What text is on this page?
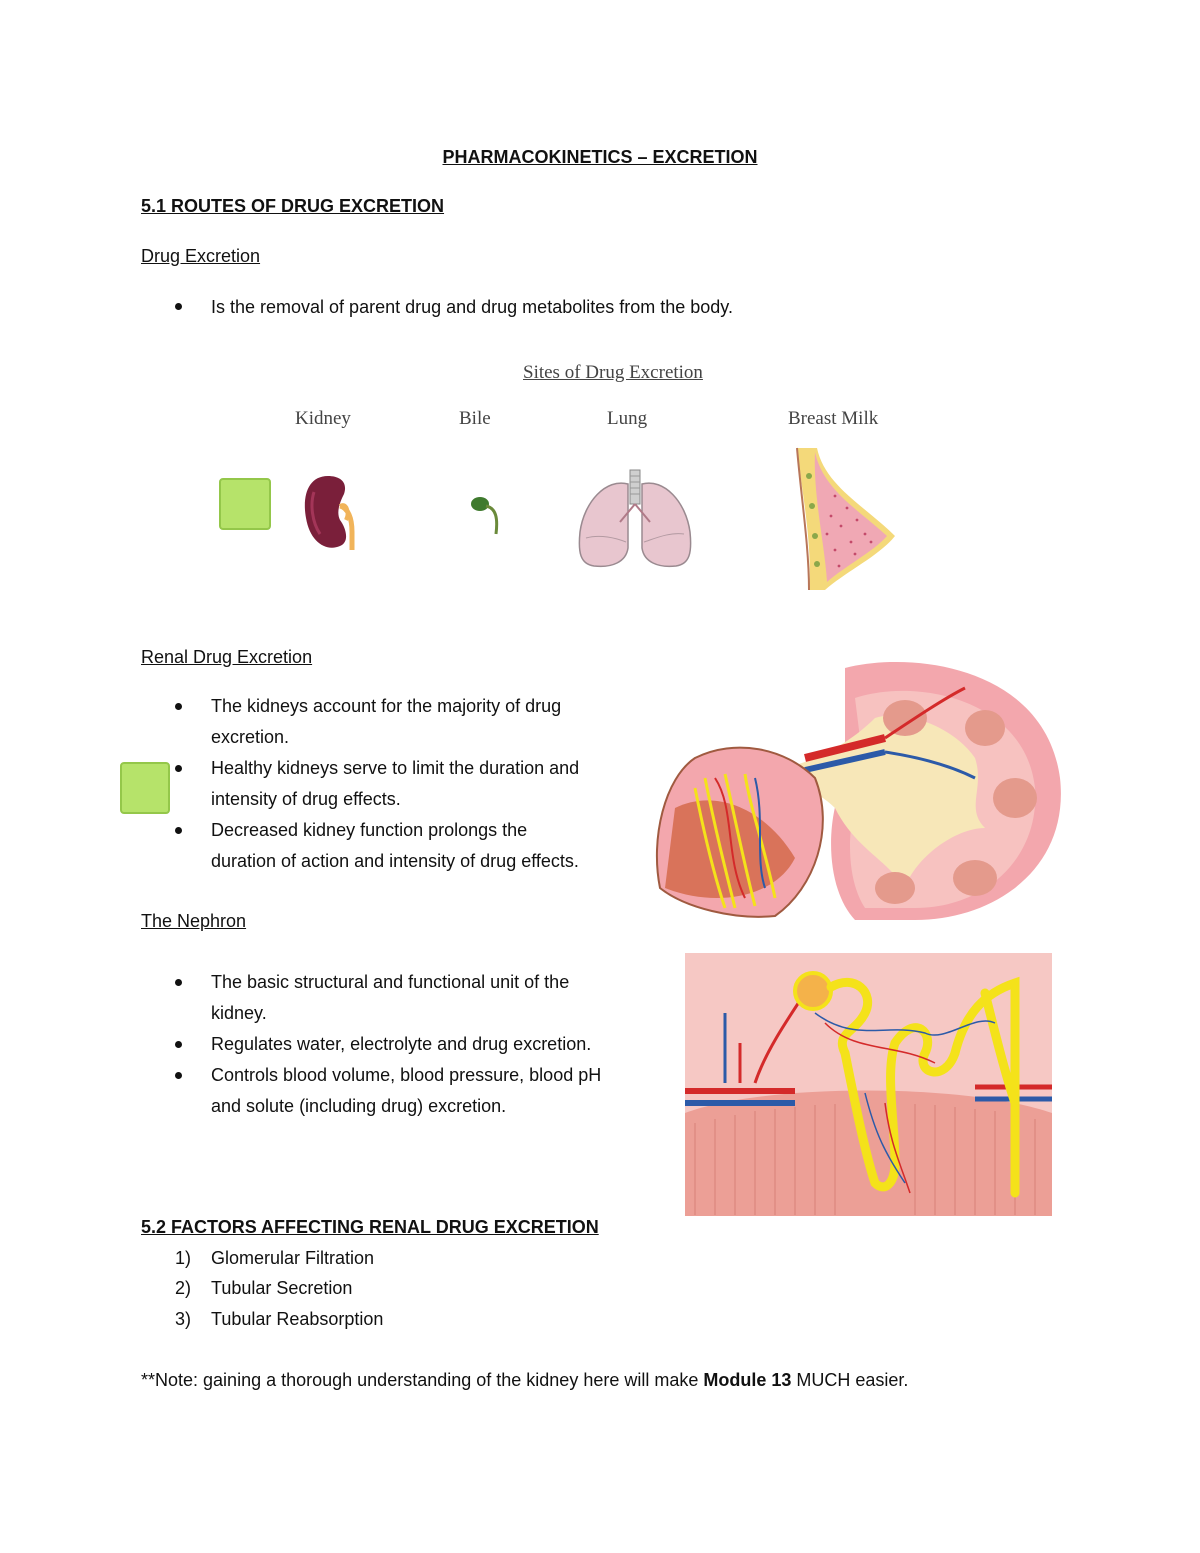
PHARMACOKINETICS – EXCRETION
5.1 ROUTES OF DRUG EXCRETION
Drug Excretion
Is the removal of parent drug and drug metabolites from the body.
Sites of Drug Excretion
Kidney	Bile	Lung	Breast Milk
Renal Drug Excretion
The kidneys account for the majority of drug
excretion.
Healthy kidneys serve to limit the duration and
intensity of drug effects.
Decreased kidney function prolongs the
duration of action and intensity of drug effects.
The Nephron
The basic structural and functional unit of the
kidney.
Regulates water, electrolyte and drug excretion.
Controls blood volume, blood pressure, blood pH
and solute (including drug) excretion.
5.2 FACTORS AFFECTING RENAL DRUG EXCRETION
1) Glomerular Filtration
2) Tubular Secretion
3) Tubular Reabsorption
**Note: gaining a thorough understanding of the kidney here will make Module 13 MUCH easier.
